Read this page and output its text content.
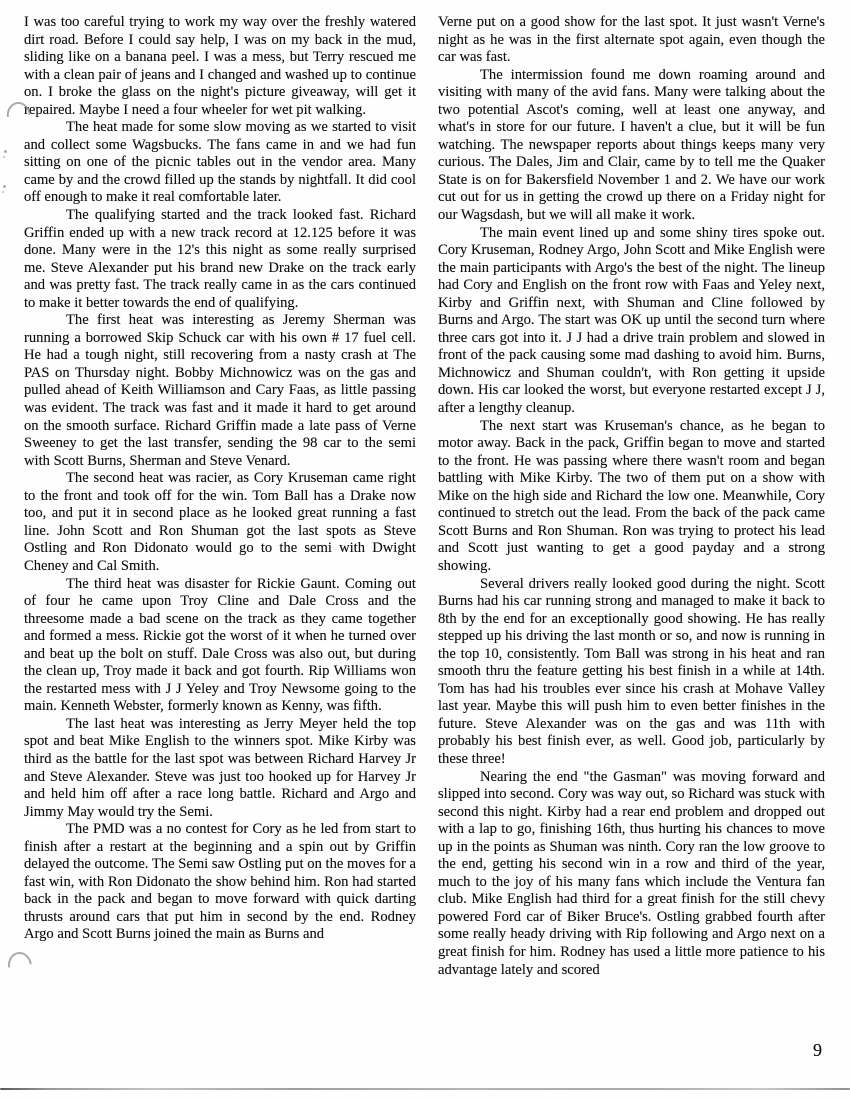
I was too careful trying to work my way over the freshly watered dirt road. Before I could say help, I was on my back in the mud, sliding like on a banana peel. I was a mess, but Terry rescued me with a clean pair of jeans and I changed and washed up to continue on. I broke the glass on the night's picture giveaway, will get it repaired. Maybe I need a four wheeler for wet pit walking.

The heat made for some slow moving as we started to visit and collect some Wagsbucks. The fans came in and we had fun sitting on one of the picnic tables out in the vendor area. Many came by and the crowd filled up the stands by nightfall. It did cool off enough to make it real comfortable later.

The qualifying started and the track looked fast. Richard Griffin ended up with a new track record at 12.125 before it was done. Many were in the 12's this night as some really surprised me. Steve Alexander put his brand new Drake on the track early and was pretty fast. The track really came in as the cars continued to make it better towards the end of qualifying.

The first heat was interesting as Jeremy Sherman was running a borrowed Skip Schuck car with his own # 17 fuel cell. He had a tough night, still recovering from a nasty crash at The PAS on Thursday night. Bobby Michnowicz was on the gas and pulled ahead of Keith Williamson and Cary Faas, as little passing was evident. The track was fast and it made it hard to get around on the smooth surface. Richard Griffin made a late pass of Verne Sweeney to get the last transfer, sending the 98 car to the semi with Scott Burns, Sherman and Steve Venard.

The second heat was racier, as Cory Kruseman came right to the front and took off for the win. Tom Ball has a Drake now too, and put it in second place as he looked great running a fast line. John Scott and Ron Shuman got the last spots as Steve Ostling and Ron Didonato would go to the semi with Dwight Cheney and Cal Smith.

The third heat was disaster for Rickie Gaunt. Coming out of four he came upon Troy Cline and Dale Cross and the threesome made a bad scene on the track as they came together and formed a mess. Rickie got the worst of it when he turned over and beat up the bolt on stuff. Dale Cross was also out, but during the clean up, Troy made it back and got fourth. Rip Williams won the restarted mess with J J Yeley and Troy Newsome going to the main. Kenneth Webster, formerly known as Kenny, was fifth.

The last heat was interesting as Jerry Meyer held the top spot and beat Mike English to the winners spot. Mike Kirby was third as the battle for the last spot was between Richard Harvey Jr and Steve Alexander. Steve was just too hooked up for Harvey Jr and held him off after a race long battle. Richard and Argo and Jimmy May would try the Semi.

The PMD was a no contest for Cory as he led from start to finish after a restart at the beginning and a spin out by Griffin delayed the outcome. The Semi saw Ostling put on the moves for a fast win, with Ron Didonato the show behind him. Ron had started back in the pack and began to move forward with quick darting thrusts around cars that put him in second by the end. Rodney Argo and Scott Burns joined the main as Burns and

Verne put on a good show for the last spot. It just wasn't Verne's night as he was in the first alternate spot again, even though the car was fast.

The intermission found me down roaming around and visiting with many of the avid fans. Many were talking about the two potential Ascot's coming, well at least one anyway, and what's in store for our future. I haven't a clue, but it will be fun watching. The newspaper reports about things keeps many very curious. The Dales, Jim and Clair, came by to tell me the Quaker State is on for Bakersfield November 1 and 2. We have our work cut out for us in getting the crowd up there on a Friday night for our Wagsdash, but we will all make it work.

The main event lined up and some shiny tires spoke out. Cory Kruseman, Rodney Argo, John Scott and Mike English were the main participants with Argo's the best of the night. The lineup had Cory and English on the front row with Faas and Yeley next, Kirby and Griffin next, with Shuman and Cline followed by Burns and Argo. The start was OK up until the second turn where three cars got into it. J J had a drive train problem and slowed in front of the pack causing some mad dashing to avoid him. Burns, Michnowicz and Shuman couldn't, with Ron getting it upside down. His car looked the worst, but everyone restarted except J J, after a lengthy cleanup.

The next start was Kruseman's chance, as he began to motor away. Back in the pack, Griffin began to move and started to the front. He was passing where there wasn't room and began battling with Mike Kirby. The two of them put on a show with Mike on the high side and Richard the low one. Meanwhile, Cory continued to stretch out the lead. From the back of the pack came Scott Burns and Ron Shuman. Ron was trying to protect his lead and Scott just wanting to get a good payday and a strong showing.

Several drivers really looked good during the night. Scott Burns had his car running strong and managed to make it back to 8th by the end for an exceptionally good showing. He has really stepped up his driving the last month or so, and now is running in the top 10, consistently. Tom Ball was strong in his heat and ran smooth thru the feature getting his best finish in a while at 14th. Tom has had his troubles ever since his crash at Mohave Valley last year. Maybe this will push him to even better finishes in the future. Steve Alexander was on the gas and was 11th with probably his best finish ever, as well. Good job, particularly by these three!

Nearing the end "the Gasman" was moving forward and slipped into second. Cory was way out, so Richard was stuck with second this night. Kirby had a rear end problem and dropped out with a lap to go, finishing 16th, thus hurting his chances to move up in the points as Shuman was ninth. Cory ran the low groove to the end, getting his second win in a row and third of the year, much to the joy of his many fans which include the Ventura fan club. Mike English had third for a great finish for the still chevy powered Ford car of Biker Bruce's. Ostling grabbed fourth after some really heady driving with Rip following and Argo next on a great finish for him. Rodney has used a little more patience to his advantage lately and scored

9
